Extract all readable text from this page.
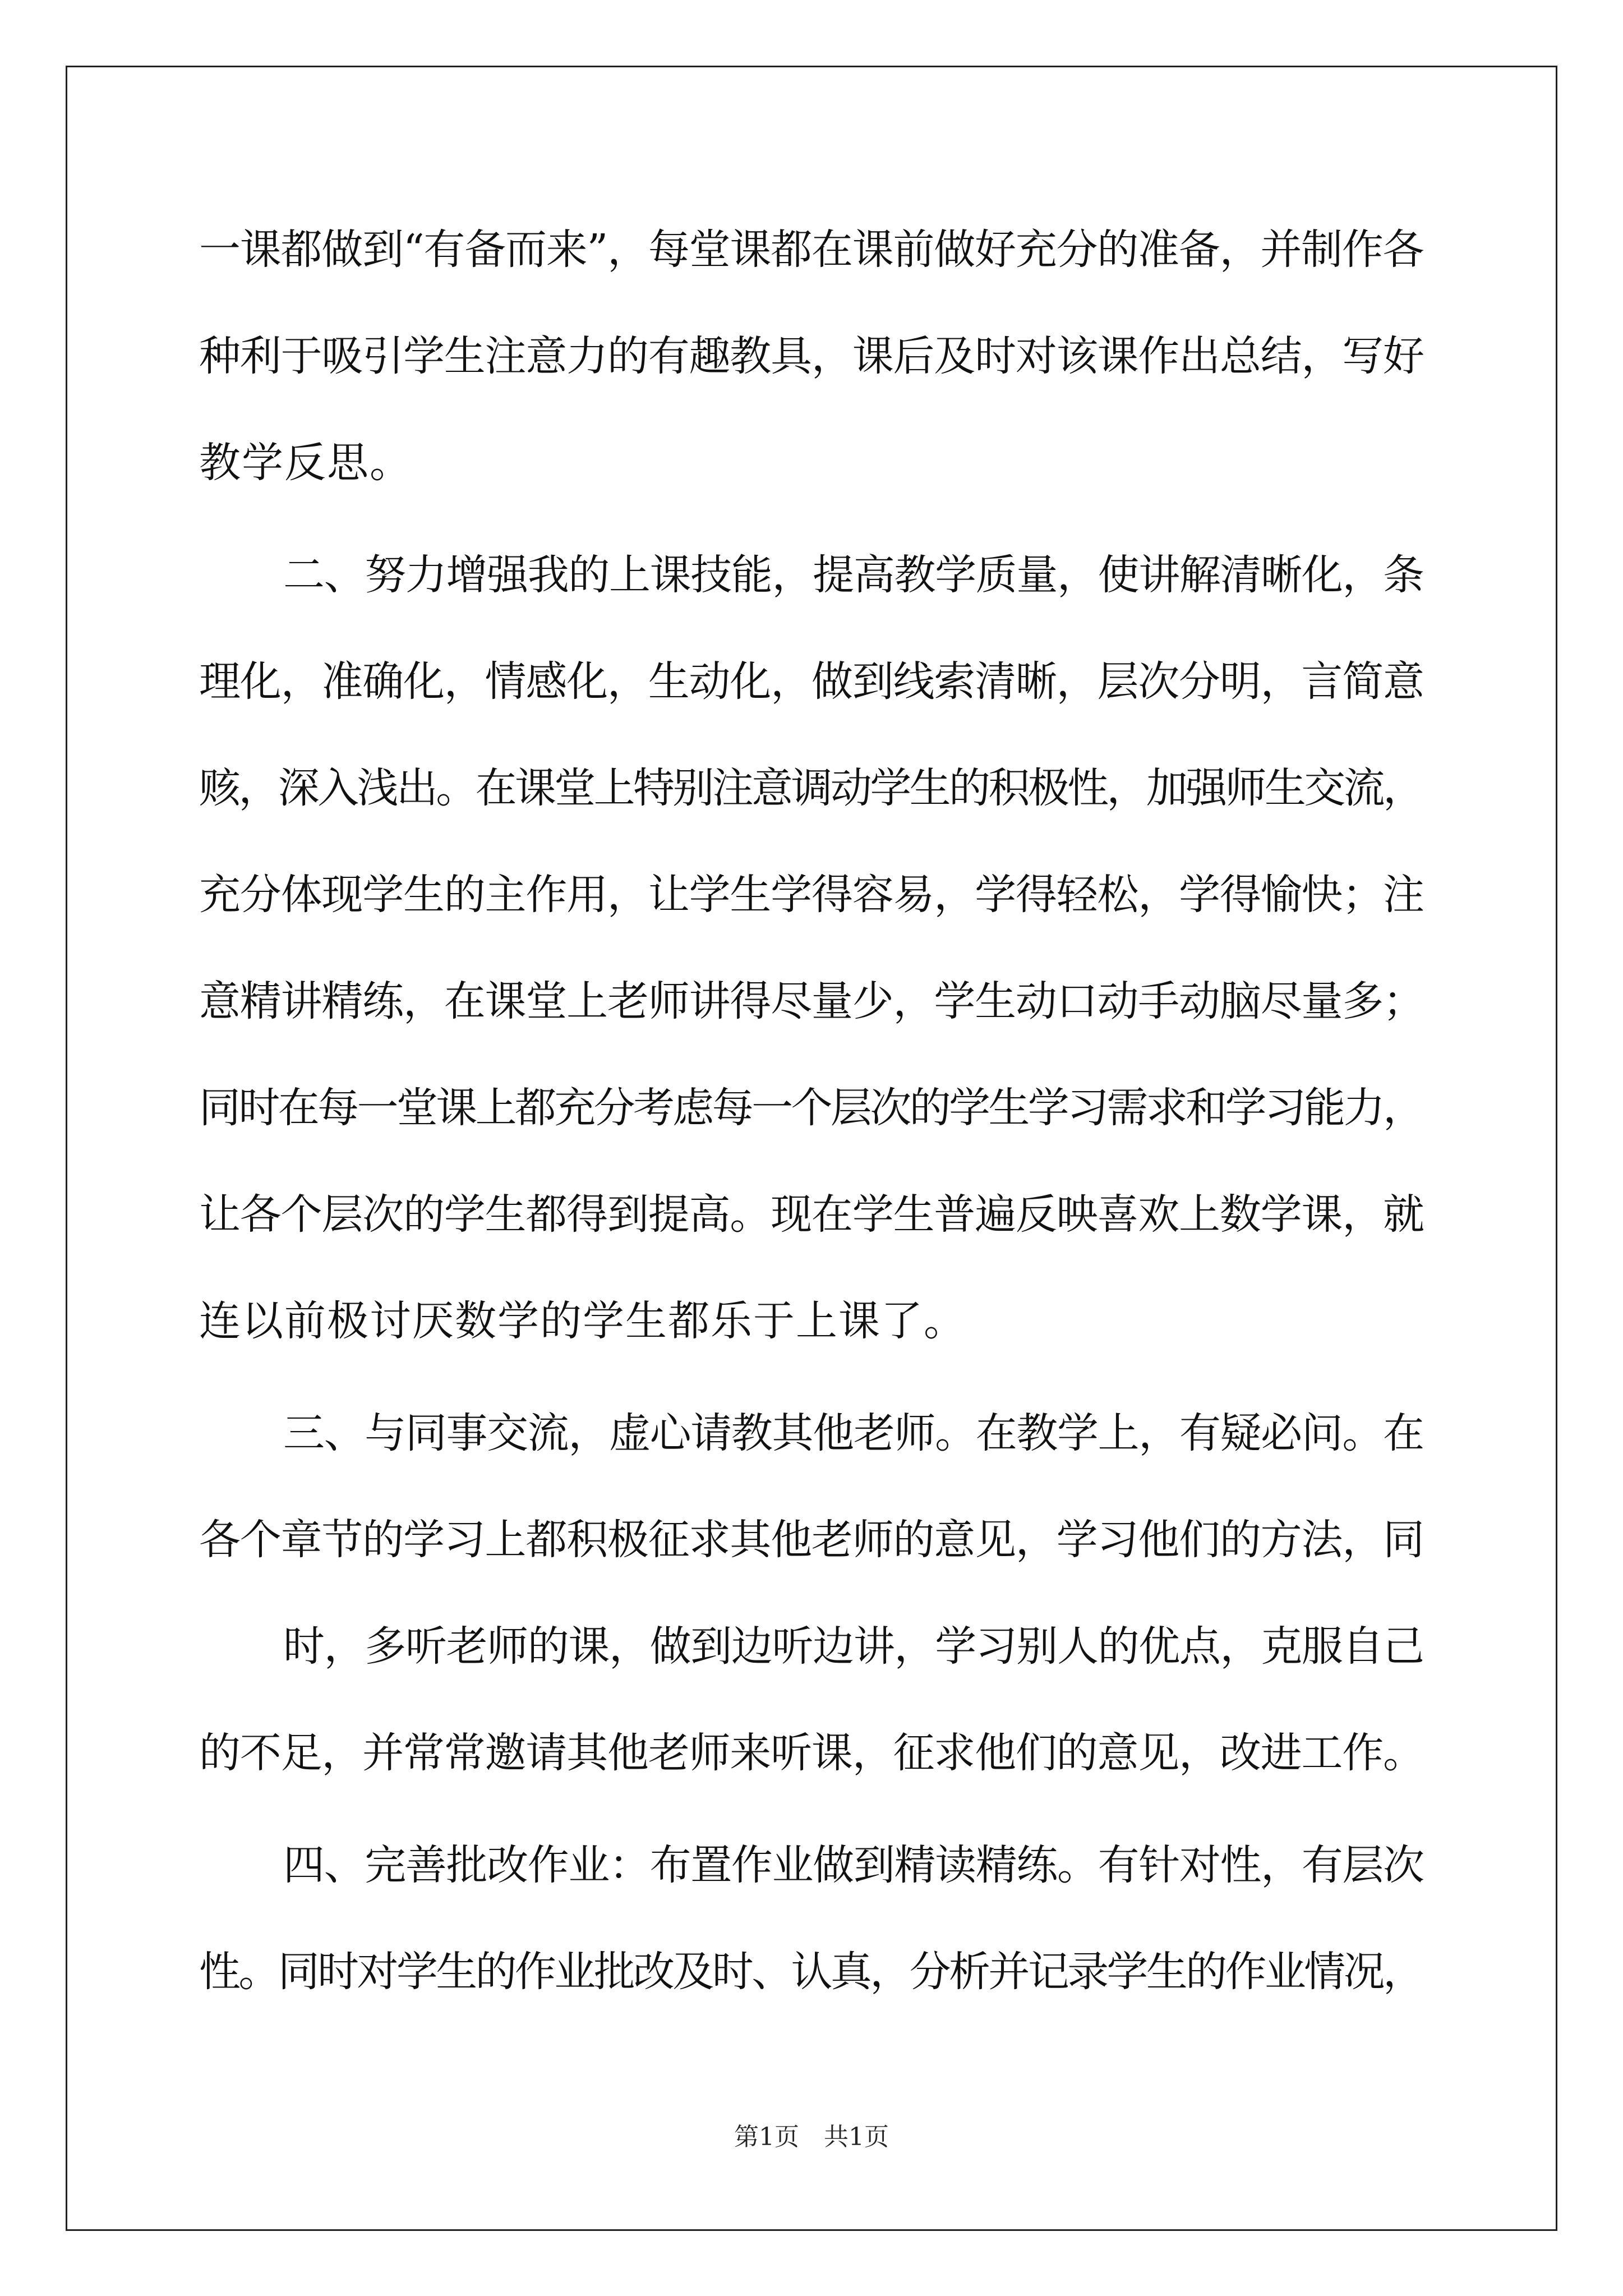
一课都做到“有备而来”，每堂课都在课前做好充分的准备，并制作各
种利于吸引学生注意力的有趣教具，课后及时对该课作出总结，写好
教学反思。
二、努力增强我的上课技能，提高教学质量，使讲解清晰化，条
理化，准确化，情感化，生动化，做到线索清晰，层次分明，言简意
赅，深入浅出。在课堂上特别注意调动学生的积极性，加强师生交流，
充分体现学生的主作用，让学生学得容易，学得轻松，学得愉快；注
意精讲精练，在课堂上老师讲得尽量少，学生动口动手动脑尽量多；
同时在每一堂课上都充分考虑每一个层次的学生学习需求和学习能力，
让各个层次的学生都得到提高。现在学生普遍反映喜欢上数学课，就
连以前极讨厌数学的学生都乐于上课了。
三、与同事交流，虚心请教其他老师。在教学上，有疑必问。在
各个章节的学习上都积极征求其他老师的意见，学习他们的方法，同
时，多听老师的课，做到边听边讲，学习别人的优点，克服自己
的不足，并常常邀请其他老师来听课，征求他们的意见，改进工作。
四、完善批改作业：布置作业做到精读精练。有针对性，有层次
性。同时对学生的作业批改及时、认真，分析并记录学生的作业情况，
第1页　共1页
